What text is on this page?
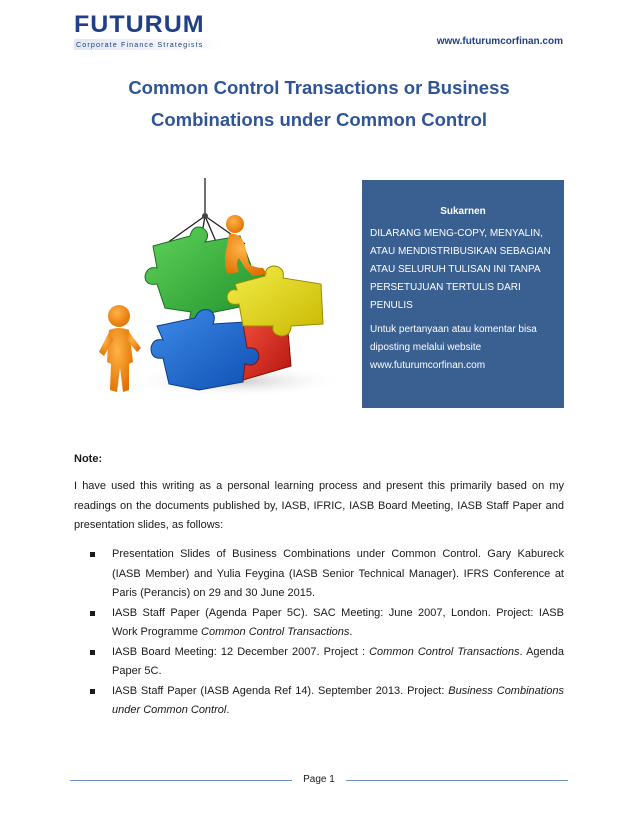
FUTURUM
Corporate Finance Strategists	www.futurumcorfinan.com
Common Control Transactions or Business
Combinations under Common Control
Sukarnen
DILARANG MENG-COPY, MENYALIN, ATAU MENDISTRIBUSIKAN SEBAGIAN ATAU SELURUH TULISAN INI TANPA PERSETUJUAN TERTULIS DARI PENULIS
Untuk pertanyaan atau komentar bisa diposting melalui website www.futurumcorfinan.com
Note:
I have used this writing as a personal learning process and present this primarily based on my readings on the documents published by, IASB, IFRIC, IASB Board Meeting, IASB Staff Paper and presentation slides, as follows:
Presentation Slides of Business Combinations under Common Control. Gary Kabureck (IASB Member) and Yulia Feygina (IASB Senior Technical Manager). IFRS Conference at Paris (Perancis) on 29 and 30 June 2015.
IASB Staff Paper (Agenda Paper 5C). SAC Meeting: June 2007, London. Project: IASB Work Programme Common Control Transactions.
IASB Board Meeting: 12 December 2007. Project : Common Control Transactions. Agenda Paper 5C.
IASB Staff Paper (IASB Agenda Ref 14). September 2013. Project: Business Combinations under Common Control.
Page 1
